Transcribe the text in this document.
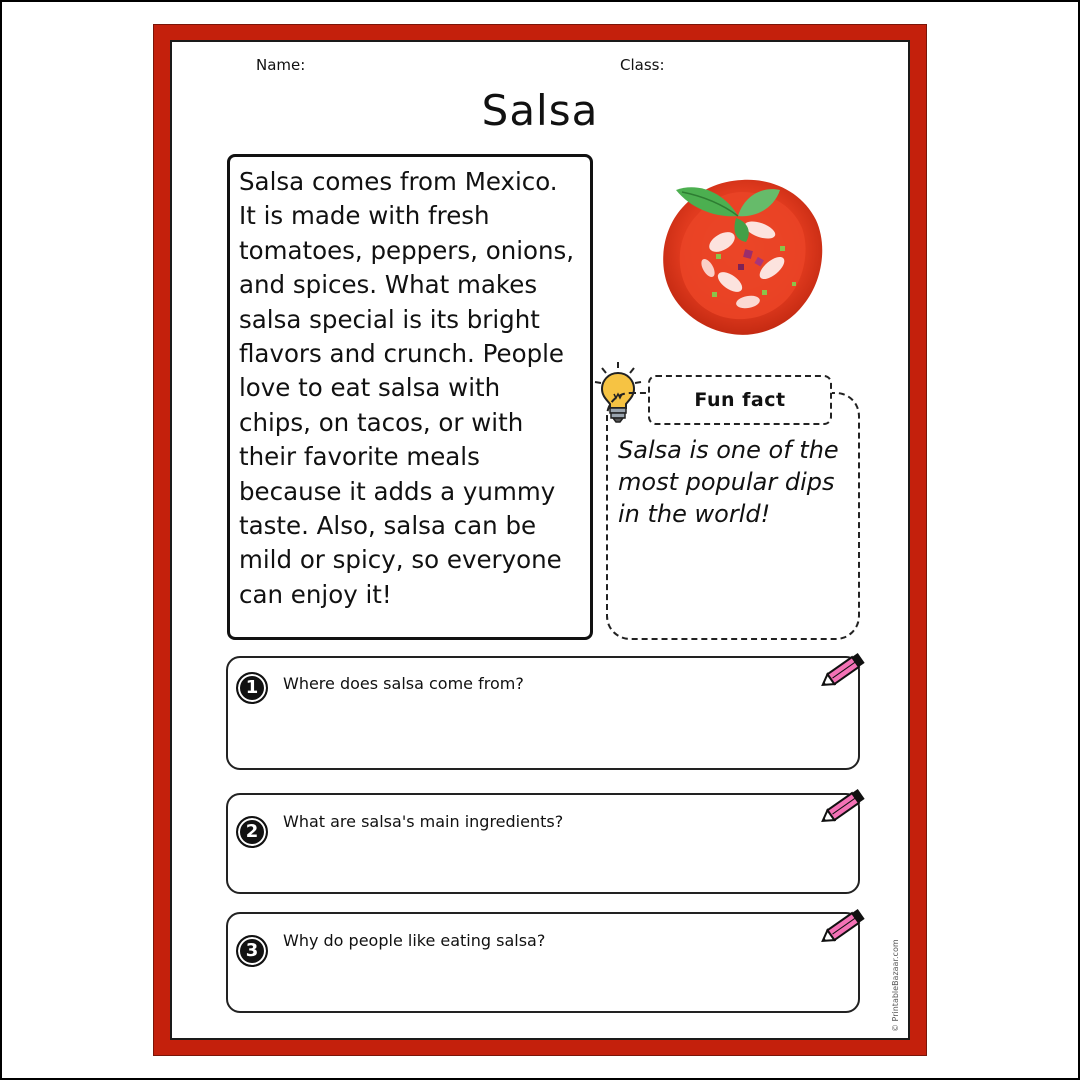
Name:	Class:
Salsa

Salsa comes from Mexico.
It is made with fresh
tomatoes, peppers, onions,
and spices. What makes
salsa special is its bright
flavors and crunch. People
love to eat salsa with
chips, on tacos, or with
their favorite meals
because it adds a yummy
taste. Also, salsa can be
mild or spicy, so everyone
can enjoy it!

Fun fact

Salsa is one of the
most popular dips
in the world!

1	Where does salsa come from?
2	What are salsa's main ingredients?
3	Why do people like eating salsa?	© PrintableBazaar.com
